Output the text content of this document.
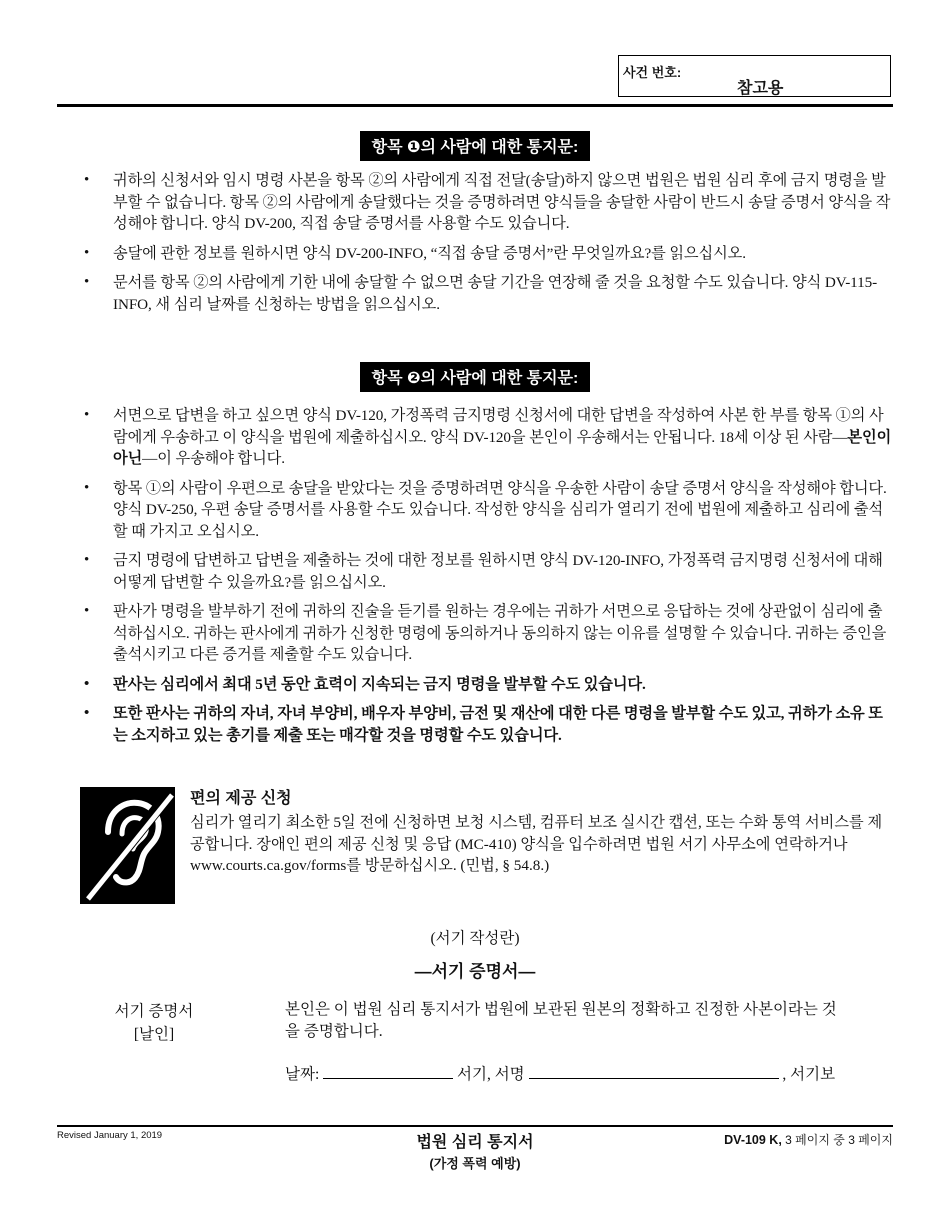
사건 번호:
참고용
항목 ❶의 사람에 대한 통지문:
• 귀하의 신청서와 임시 명령 사본을 항목 ②의 사람에게 직접 전달(송달)하지 않으면 법원은 법원 심리 후에 금지 명령을 발부할 수 없습니다. 항목 ②의 사람에게 송달했다는 것을 증명하려면 양식들을 송달한 사람이 반드시 송달 증명서 양식을 작성해야 합니다. 양식 DV-200, 직접 송달 증명서를 사용할 수도 있습니다.
• 송달에 관한 정보를 원하시면 양식 DV-200-INFO, “직접 송달 증명서”란 무엇일까요?를 읽으십시오.
• 문서를 항목 ②의 사람에게 기한 내에 송달할 수 없으면 송달 기간을 연장해 줄 것을 요청할 수도 있습니다. 양식 DV-115-INFO, 새 심리 날짜를 신청하는 방법을 읽으십시오.
항목 ❷의 사람에 대한 통지문:
• 서면으로 답변을 하고 싶으면 양식 DV-120, 가정폭력 금지명령 신청서에 대한 답변을 작성하여 사본 한 부를 항목 ①의 사람에게 우송하고 이 양식을 법원에 제출하십시오. 양식 DV-120을 본인이 우송해서는 안됩니다. 18세 이상 된 사람—본인이 아닌—이 우송해야 합니다.
• 항목 ①의 사람이 우편으로 송달을 받았다는 것을 증명하려면 양식을 우송한 사람이 송달 증명서 양식을 작성해야 합니다. 양식 DV-250, 우편 송달 증명서를 사용할 수도 있습니다. 작성한 양식을 심리가 열리기 전에 법원에 제출하고 심리에 출석할 때 가지고 오십시오.
• 금지 명령에 답변하고 답변을 제출하는 것에 대한 정보를 원하시면 양식 DV-120-INFO, 가정폭력 금지명령 신청서에 대해 어떻게 답변할 수 있을까요?를 읽으십시오.
• 판사가 명령을 발부하기 전에 귀하의 진술을 듣기를 원하는 경우에는 귀하가 서면으로 응답하는 것에 상관없이 심리에 출석하십시오. 귀하는 판사에게 귀하가 신청한 명령에 동의하거나 동의하지 않는 이유를 설명할 수 있습니다. 귀하는 증인을 출석시키고 다른 증거를 제출할 수도 있습니다.
• 판사는 심리에서 최대 5년 동안 효력이 지속되는 금지 명령을 발부할 수도 있습니다.
• 또한 판사는 귀하의 자녀, 자녀 부양비, 배우자 부양비, 금전 및 재산에 대한 다른 명령을 발부할 수도 있고, 귀하가 소유 또는 소지하고 있는 총기를 제출 또는 매각할 것을 명령할 수도 있습니다.
편의 제공 신청
심리가 열리기 최소한 5일 전에 신청하면 보청 시스템, 컴퓨터 보조 실시간 캡션, 또는 수화 통역 서비스를 제공합니다. 장애인 편의 제공 신청 및 응답 (MC-410) 양식을 입수하려면 법원 서기 사무소에 연락하거나 www.courts.ca.gov/forms를 방문하십시오. (민법, § 54.8.)
(서기 작성란)
—서기 증명서—
서기 증명서
[날인]
본인은 이 법원 심리 통지서가 법원에 보관된 원본의 정확하고 진정한 사본이라는 것을 증명합니다.
날짜:	서기, 서명	, 서기보
Revised January 1, 2019	법원 심리 통지서
(가정 폭력 예방)
DV-109 K, 3 페이지 중 3 페이지
